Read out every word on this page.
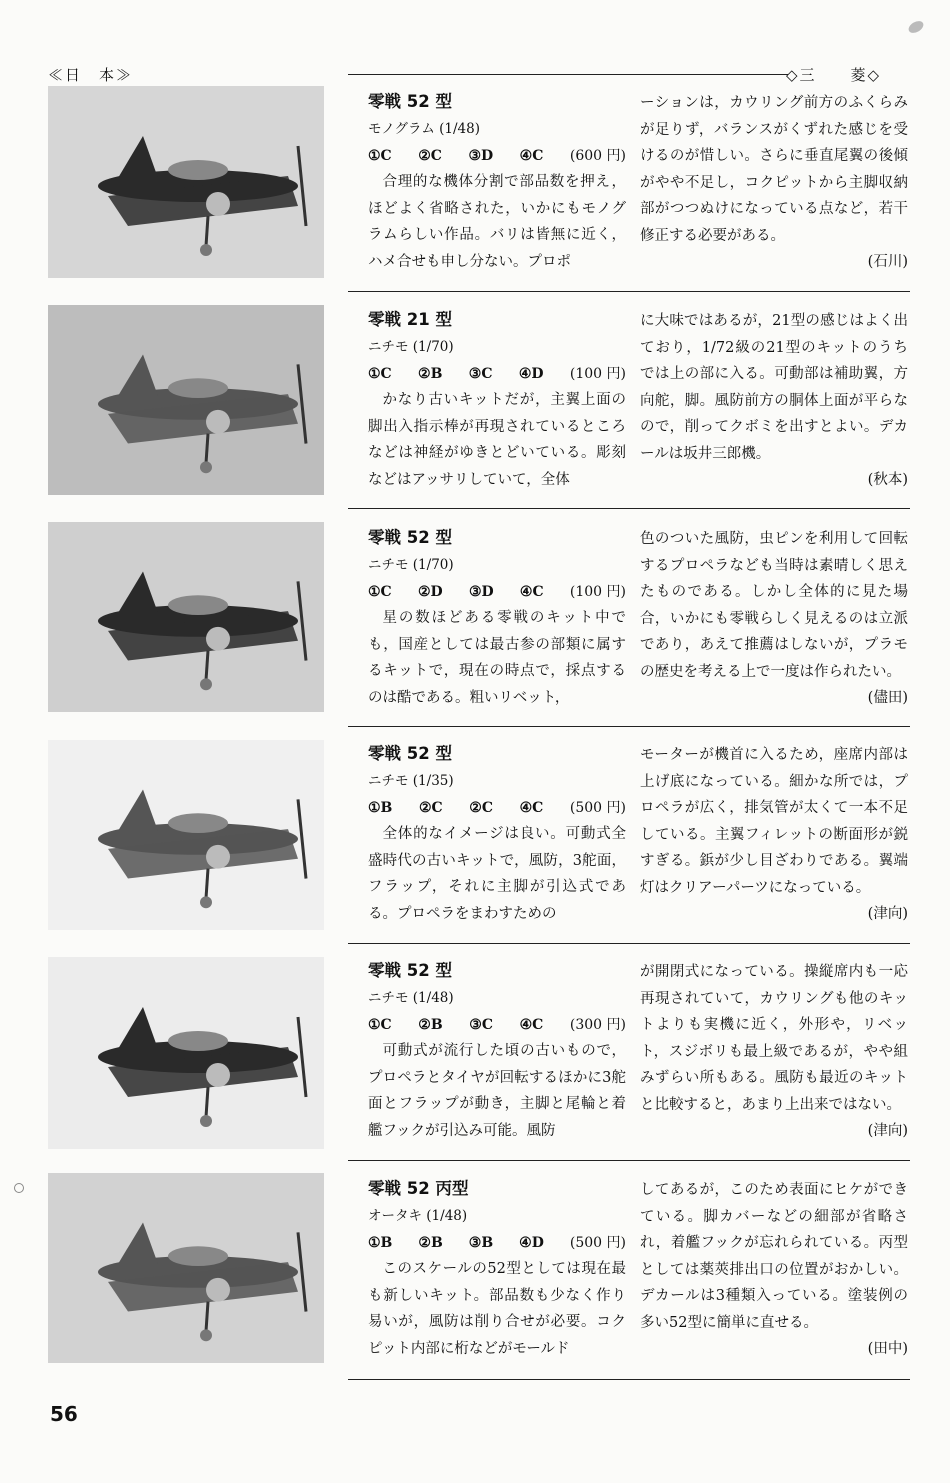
≪日　本≫	◇三 菱◇
零戦 52 型
モノグラム (1/48)
①C ②C ③D ④C (600 円)
合理的な機体分割で部品数を押え，ほどよく省略された，いかにもモノグラムらしい作品。バリは皆無に近く，ハメ合せも申し分ない。プロポ
ーションは，カウリング前方のふくらみが足りず，バランスがくずれた感じを受けるのが惜しい。さらに垂直尾翼の後傾がやや不足し，コクピットから主脚収納部がつつぬけになっている点など，若干修正する必要がある。
(石川)
零戦 21 型
ニチモ (1/70)
①C ②B ③C ④D (100 円)
かなり古いキットだが，主翼上面の脚出入指示棒が再現されているところなどは神経がゆきとどいている。彫刻などはアッサリしていて，全体
に大味ではあるが，21型の感じはよく出ており，1/72級の21型のキットのうちでは上の部に入る。可動部は補助翼，方向舵，脚。風防前方の胴体上面が平らなので，削ってクボミを出すとよい。デカールは坂井三郎機。
(秋本)
零戦 52 型
ニチモ (1/70)
①C ②D ③D ④C (100 円)
星の数ほどある零戦のキット中でも，国産としては最古参の部類に属するキットで，現在の時点で，採点するのは酷である。粗いリベット，
色のついた風防，虫ピンを利用して回転するプロペラなども当時は素晴しく思えたものである。しかし全体的に見た場合，いかにも零戦らしく見えるのは立派であり，あえて推薦はしないが，プラモの歴史を考える上で一度は作られたい。
(儘田)
零戦 52 型
ニチモ (1/35)
①B ②C ②C ④C (500 円)
全体的なイメージは良い。可動式全盛時代の古いキットで，風防，3舵面，フラップ，それに主脚が引込式である。プロペラをまわすための
モーターが機首に入るため，座席内部は上げ底になっている。細かな所では，プロペラが広く，排気管が太くて一本不足している。主翼フィレットの断面形が鋭すぎる。鋲が少し目ざわりである。翼端灯はクリアーパーツになっている。
(津向)
零戦 52 型
ニチモ (1/48)
①C ②B ③C ④C (300 円)
可動式が流行した頃の古いもので，プロペラとタイヤが回転するほかに3舵面とフラップが動き，主脚と尾輪と着艦フックが引込み可能。風防
が開閉式になっている。操縦席内も一応再現されていて，カウリングも他のキットよりも実機に近く，外形や，リベット，スジボリも最上級であるが，やや組みずらい所もある。風防も最近のキットと比較すると，あまり上出来ではない。
(津向)
零戦 52 丙型
オータキ (1/48)
①B ②B ③B ④D (500 円)
このスケールの52型としては現在最も新しいキット。部品数も少なく作り易いが，風防は削り合せが必要。コクピット内部に桁などがモールド
してあるが，このため表面にヒケができている。脚カバーなどの細部が省略され，着艦フックが忘れられている。丙型としては薬莢排出口の位置がおかしい。デカールは3種類入っている。塗装例の多い52型に簡単に直せる。
(田中)
56
